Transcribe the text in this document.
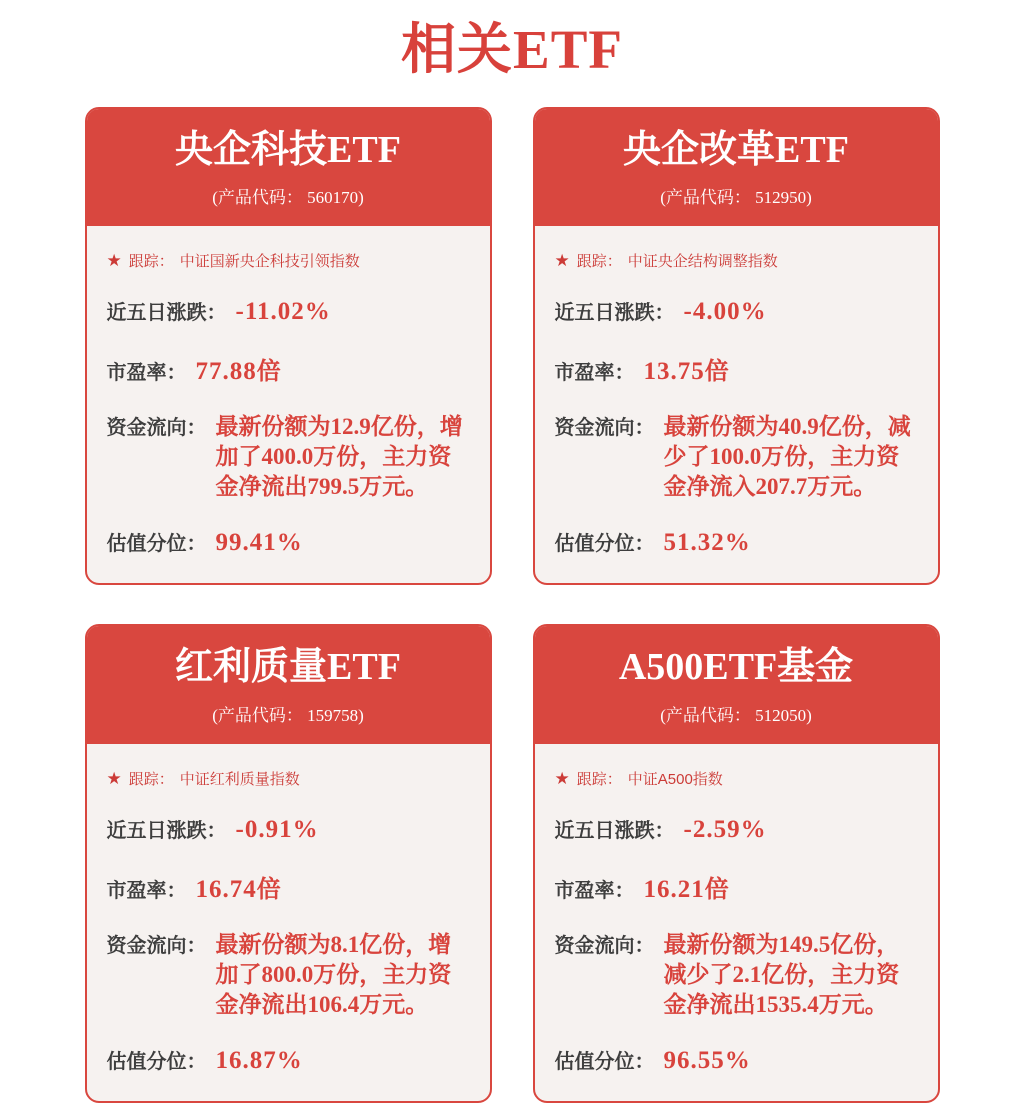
相关ETF
央企科技ETF
(产品代码： 560170)
★ 跟踪： 中证国新央企科技引领指数
近五日涨跌： -11.02%
市盈率： 77.88 倍
资金流向： 最新份额为12.9亿份，增加了400.0万份，主力资金净流出799.5万元。
估值分位： 99.41%
央企改革ETF
(产品代码： 512950)
★ 跟踪： 中证央企结构调整指数
近五日涨跌： -4.00%
市盈率： 13.75 倍
资金流向： 最新份额为40.9亿份，减少了100.0万份，主力资金净流入207.7万元。
估值分位： 51.32%
红利质量ETF
(产品代码： 159758)
★ 跟踪： 中证红利质量指数
近五日涨跌： -0.91%
市盈率： 16.74 倍
资金流向： 最新份额为8.1亿份，增加了800.0万份，主力资金净流出106.4万元。
估值分位： 16.87%
A500ETF基金
(产品代码： 512050)
★ 跟踪： 中证A500指数
近五日涨跌： -2.59%
市盈率： 16.21 倍
资金流向： 最新份额为149.5亿份，减少了2.1亿份，主力资金净流出1535.4万元。
估值分位： 96.55%
